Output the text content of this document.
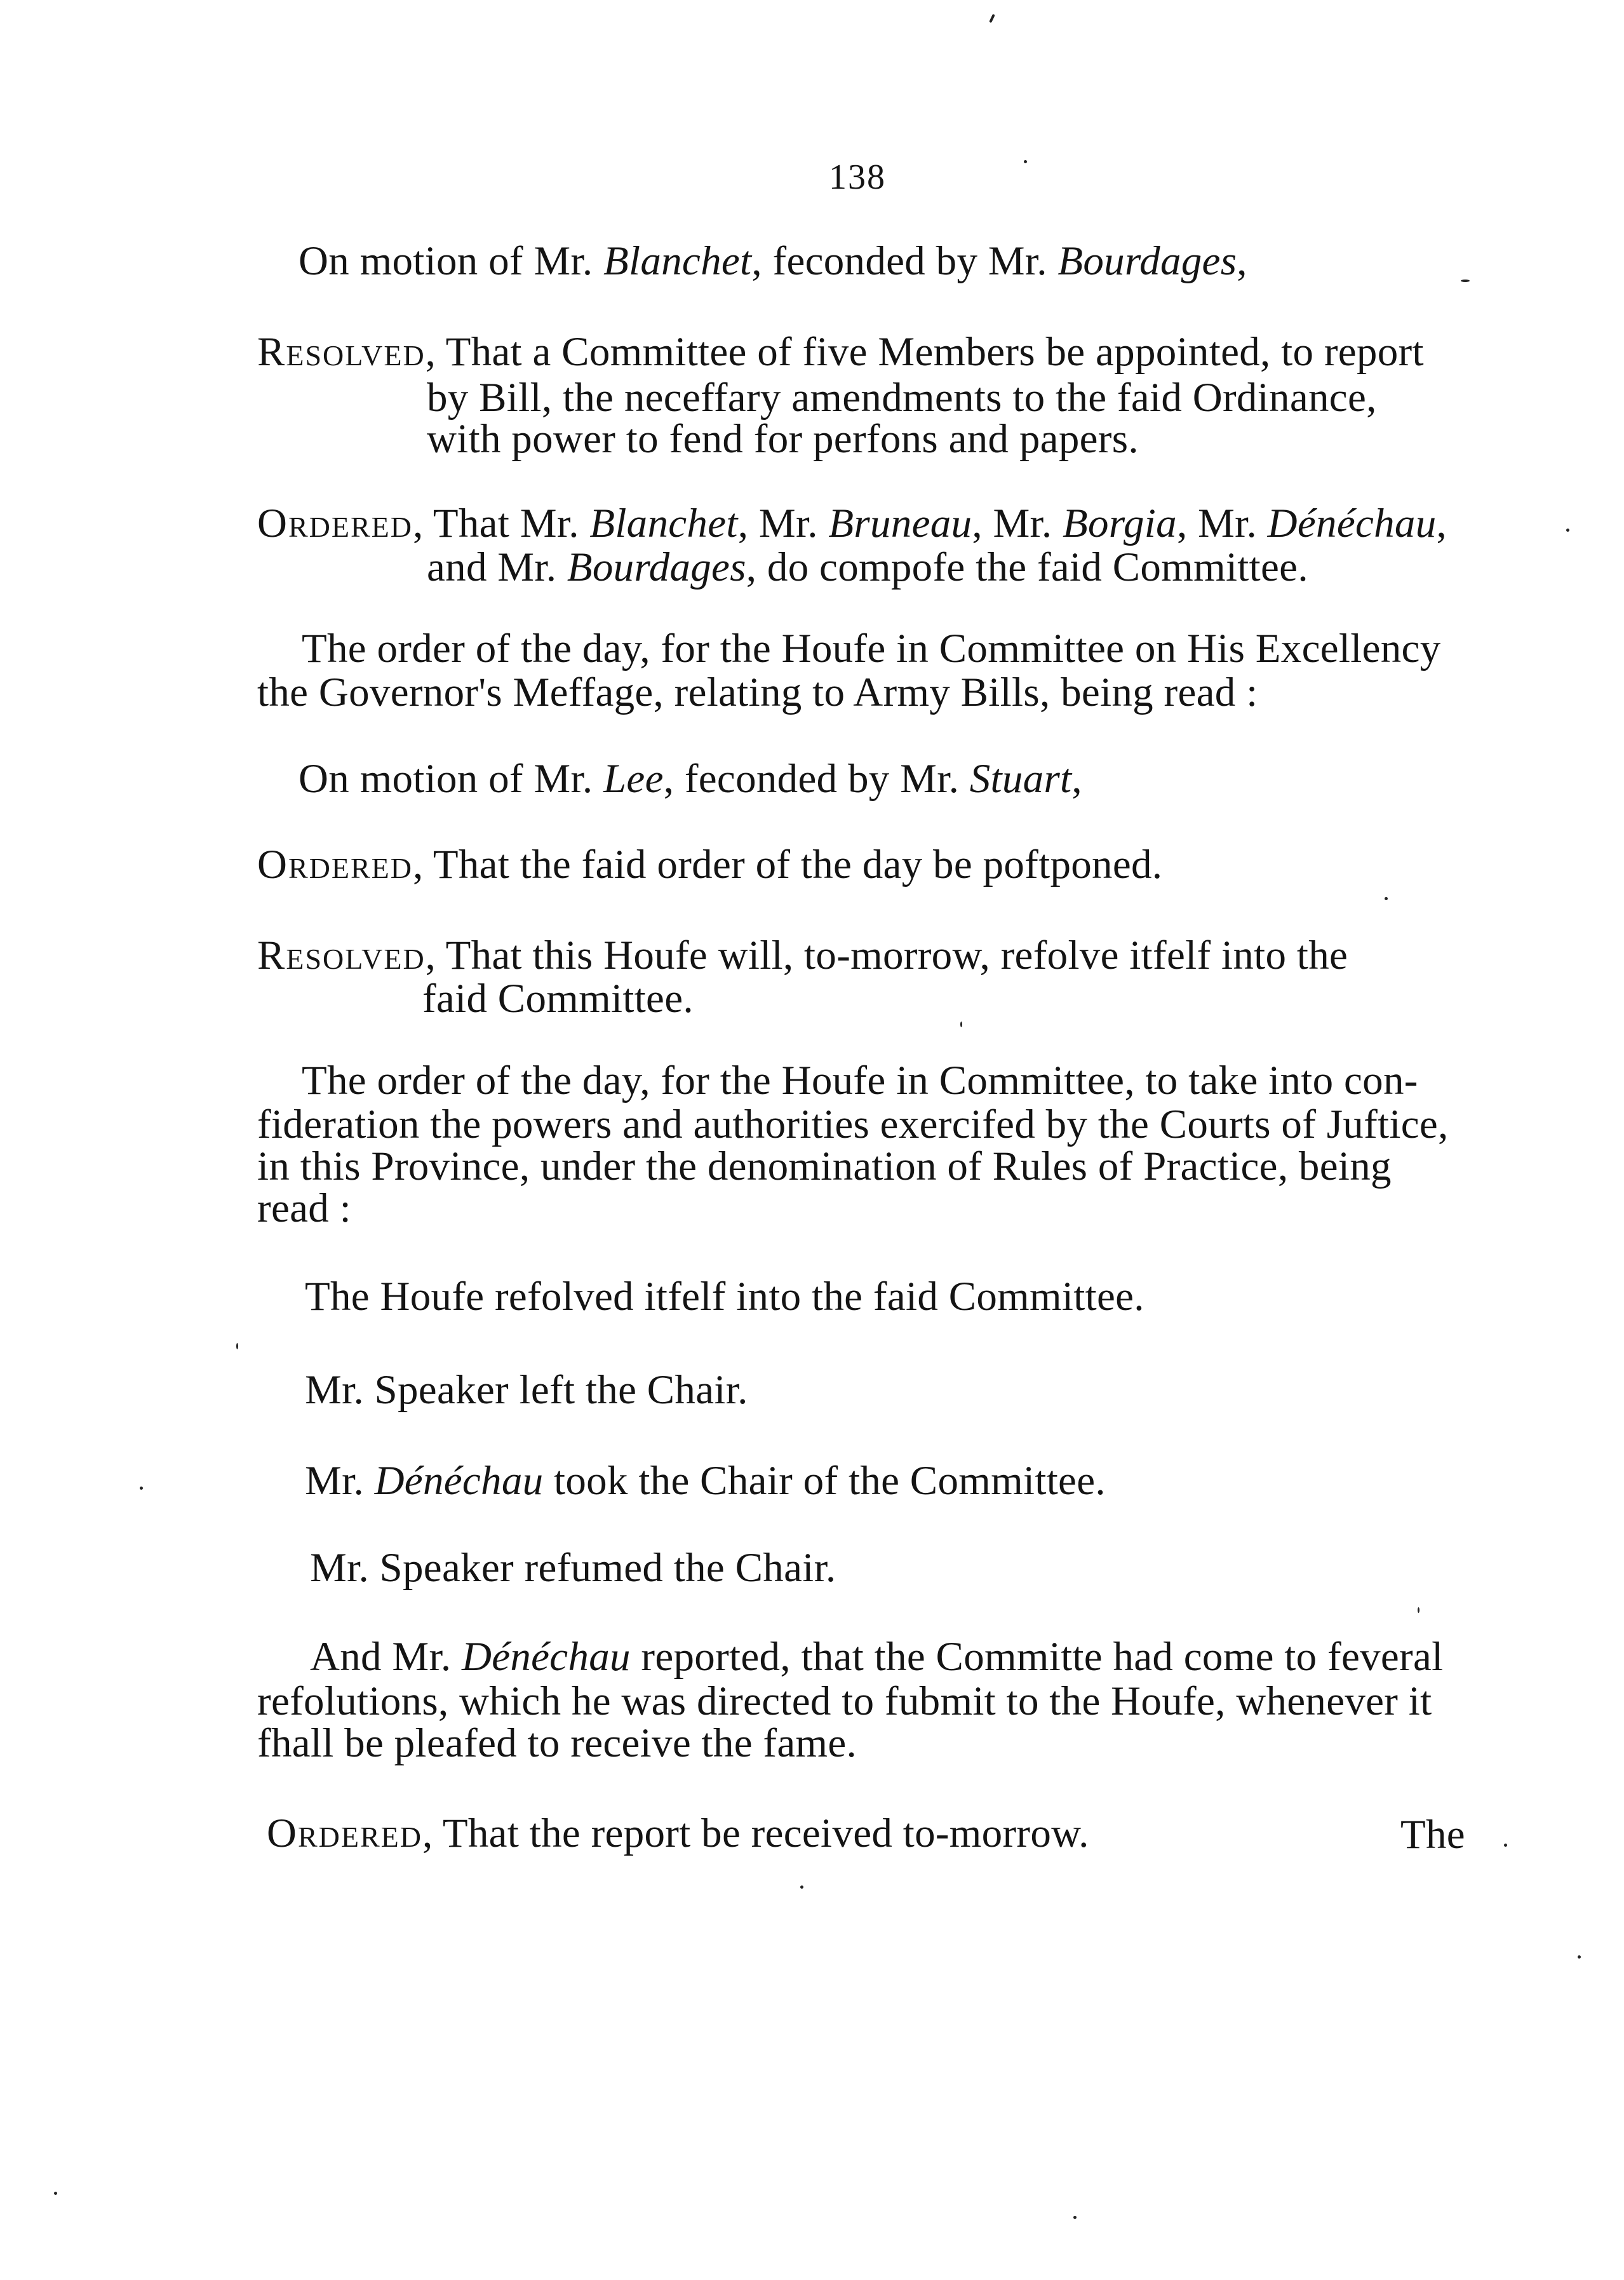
138
On motion of Mr. Blanchet, feconded by Mr. Bourdages,
Resolved, That a Committee of five Members be appointed, to report
by Bill, the neceffary amendments to the faid Ordinance,
with power to fend for perfons and papers.
Ordered, That Mr. Blanchet, Mr. Bruneau, Mr. Borgia, Mr. Dénéchau,
and Mr. Bourdages, do compofe the faid Committee.
The order of the day, for the Houfe in Committee on His Excellency
the Governor's Meffage, relating to Army Bills, being read :
On motion of Mr. Lee, feconded by Mr. Stuart,
Ordered, That the faid order of the day be poftponed.
Resolved, That this Houfe will, to-morrow, refolve itfelf into the
faid Committee.
The order of the day, for the Houfe in Committee, to take into con-
fideration the powers and authorities exercifed by the Courts of Juftice,
in this Province, under the denomination of Rules of Practice, being
read :
The Houfe refolved itfelf into the faid Committee.
Mr. Speaker left the Chair.
Mr. Dénéchau took the Chair of the Committee.
Mr. Speaker refumed the Chair.
And Mr. Dénéchau reported, that the Committe had come to feveral
refolutions, which he was directed to fubmit to the Houfe, whenever it
fhall be pleafed to receive the fame.
Ordered, That the report be received to-morrow.	The
